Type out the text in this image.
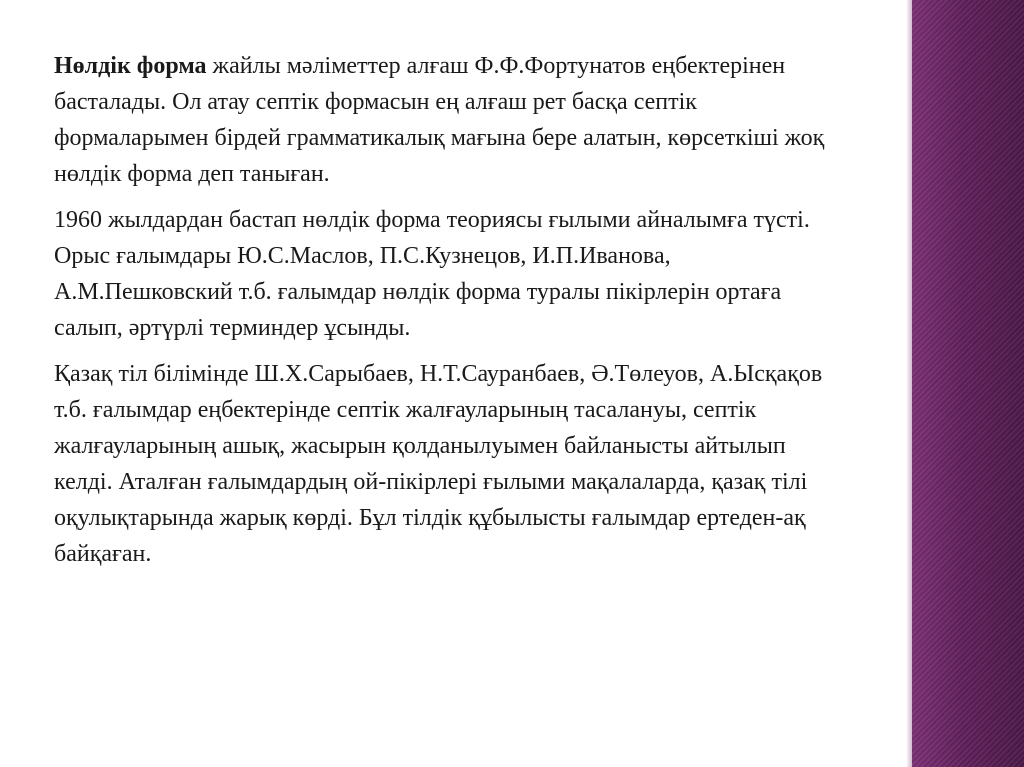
Нөлдік форма жайлы мәліметтер алғаш Ф.Ф.Фортунатов еңбектерінен басталады. Ол атау септік формасын ең алғаш рет басқа септік формаларымен бірдей грамматикалық мағына бере алатын, көрсеткіші жоқ нөлдік форма деп таныған.

1960 жылдардан бастап нөлдік форма теориясы ғылыми айналымға түсті. Орыс ғалымдары Ю.С.Маслов, П.С.Кузнецов, И.П.Иванова, А.М.Пешковский т.б. ғалымдар нөлдік форма туралы пікірлерін ортаға салып, әртүрлі терминдер ұсынды.

Қазақ тіл білімінде Ш.Х.Сарыбаев, Н.Т.Сауранбаев, Ә.Төлеуов, А.Ысқақов т.б. ғалымдар еңбектерінде септік жалғауларының тасалануы, септік жалғауларының ашық, жасырын қолданылуымен байланысты айтылып келді. Аталған ғалымдардың ой-пікірлері ғылыми мақалаларда, қазақ тілі оқулықтарында жарық көрді. Бұл тілдік құбылысты ғалымдар ертеден-ақ байқаған.
